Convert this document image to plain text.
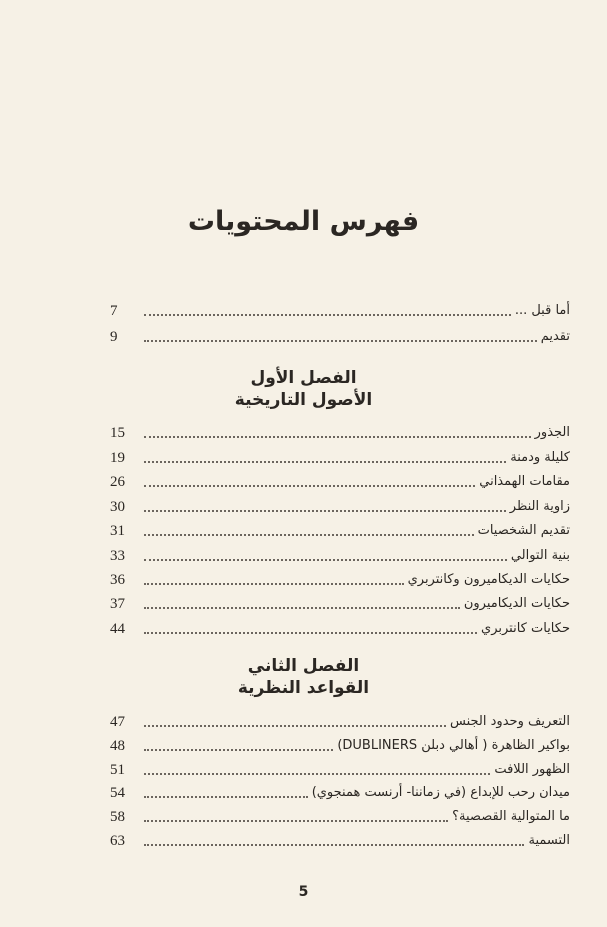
فهرس المحتويات
7	أما قبل ...
9	تقديم
الفصل الأول
الأصول التاريخية
15	الجذور
19	كليلة ودمنة
26	مقامات الهمذاني
30	زاوية النظر
31	تقديم الشخصيات
33	بنية التوالي
36	حكايات الديكاميرون وكانتربري
37	حكايات الديكاميرون
44	حكايات كانتربري
الفصل الثاني
القواعد النظرية
47	التعريف وحدود الجنس
48	بواكير الظاهرة ( أهالي دبلن DUBLINERS)
51	الظهور اللافت
54	ميدان رحب للإبداع (في زماننا- أرنست همنجوي)
58	ما المتوالية القصصية؟
63	التسمية
5
